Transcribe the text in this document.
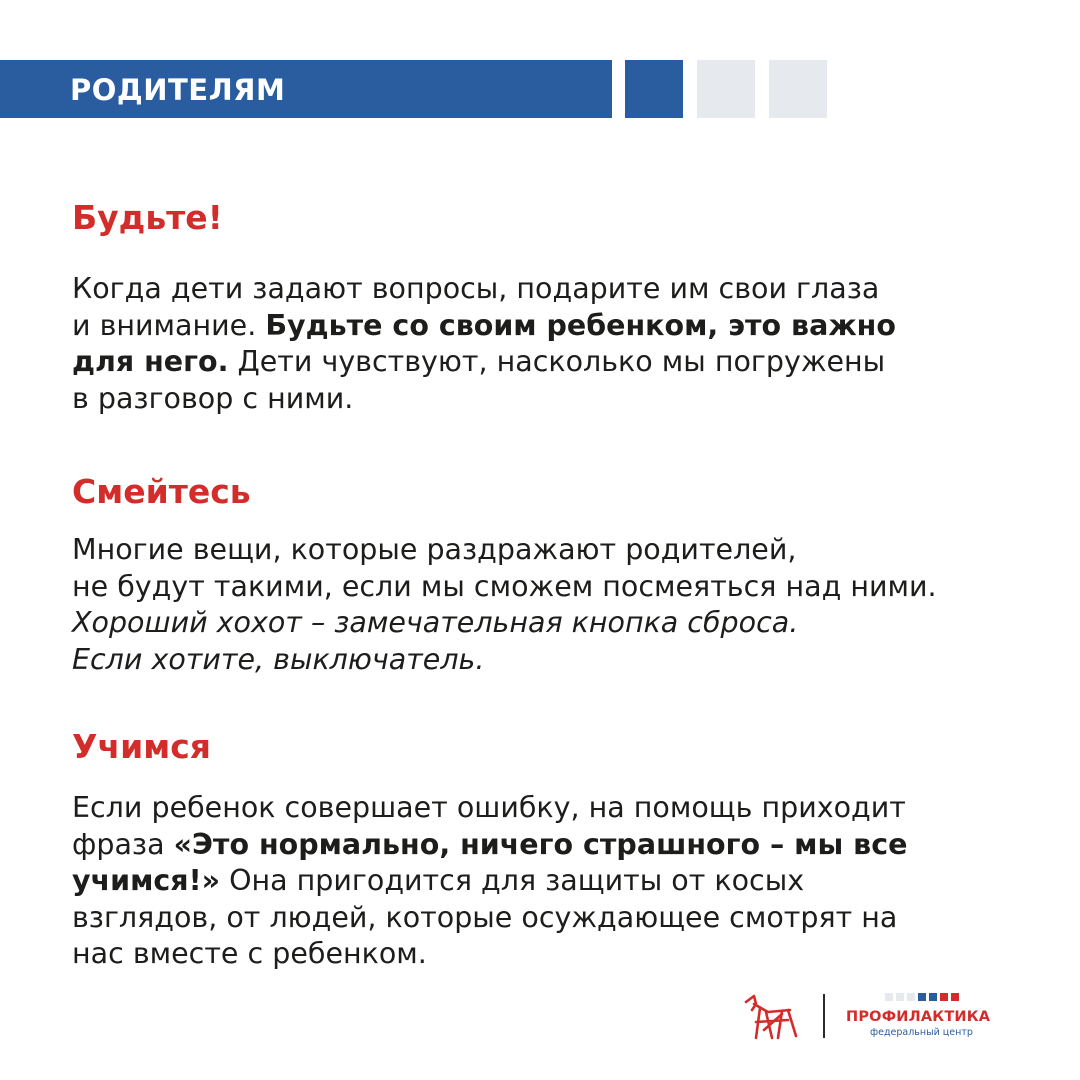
РОДИТЕЛЯМ
Будьте!
Когда дети задают вопросы, подарите им свои глаза
и внимание. Будьте со своим ребенком, это важно
для него. Дети чувствуют, насколько мы погружены
в разговор с ними.
Смейтесь
Многие вещи, которые раздражают родителей,
не будут такими, если мы сможем посмеяться над ними.
Хороший хохот – замечательная кнопка сброса.
Если хотите, выключатель.
Учимся
Если ребенок совершает ошибку, на помощь приходит
фраза «Это нормально, ничего страшного – мы все
учимся!» Она пригодится для защиты от косых
взглядов, от людей, которые осуждающее смотрят на
нас вместе с ребенком.
ПРОФИЛАКТИКА
федеральный центр
